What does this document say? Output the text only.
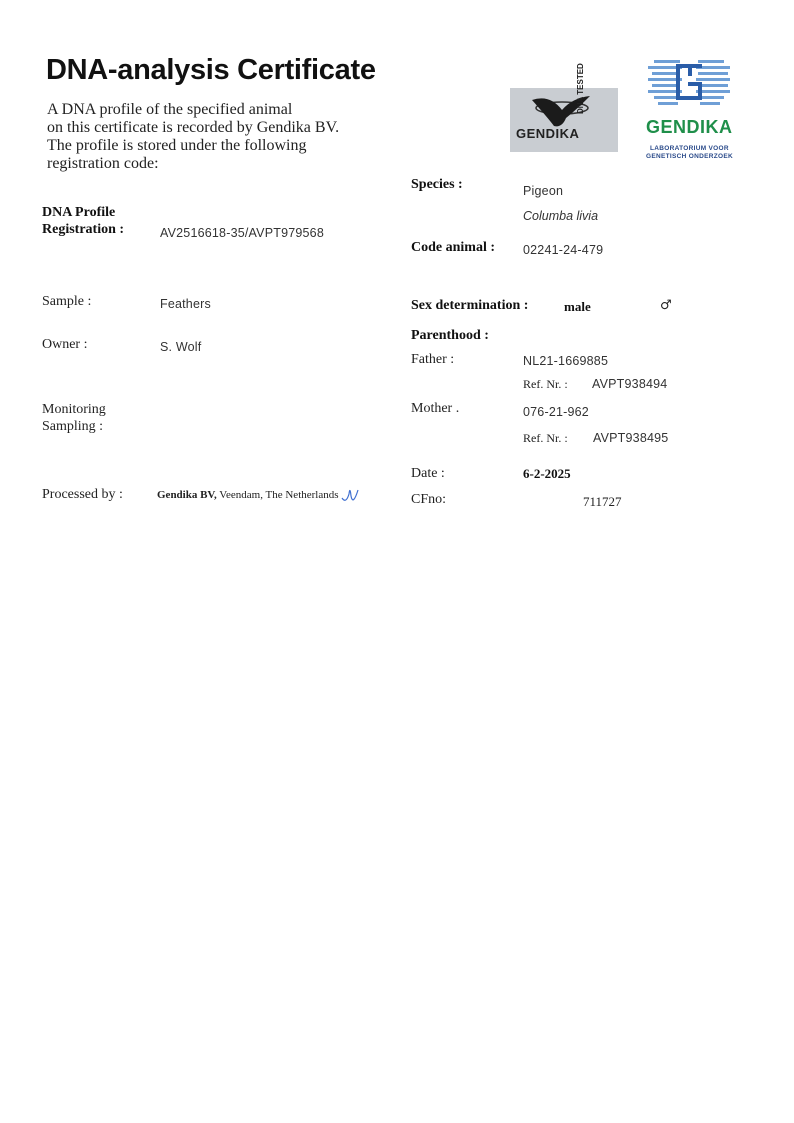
DNA-analysis Certificate
A DNA profile of the specified animal
on this certificate is recorded by Gendika BV.
The profile is stored under the following
registration code:
GENDIKA
DNA TESTED
GENDIKA
LABORATORIUM VOOR
GENETISCH ONDERZOEK
DNA Profile
Registration :	AV2516618-35/AVPT979568
Sample :	Feathers
Owner :	S. Wolf
Monitoring
Sampling :
Processed by :	Gendika BV, Veendam, The Netherlands
Species :	Pigeon
Columba livia
Code animal : 02241-24-479
Sex determination :	male	♂
Parenthood :
Father :	NL21-1669885
Ref. Nr. : AVPT938494
Mother .	076-21-962
Ref. Nr. : AVPT938495
Date :	6-2-2025
CFno:	711727
